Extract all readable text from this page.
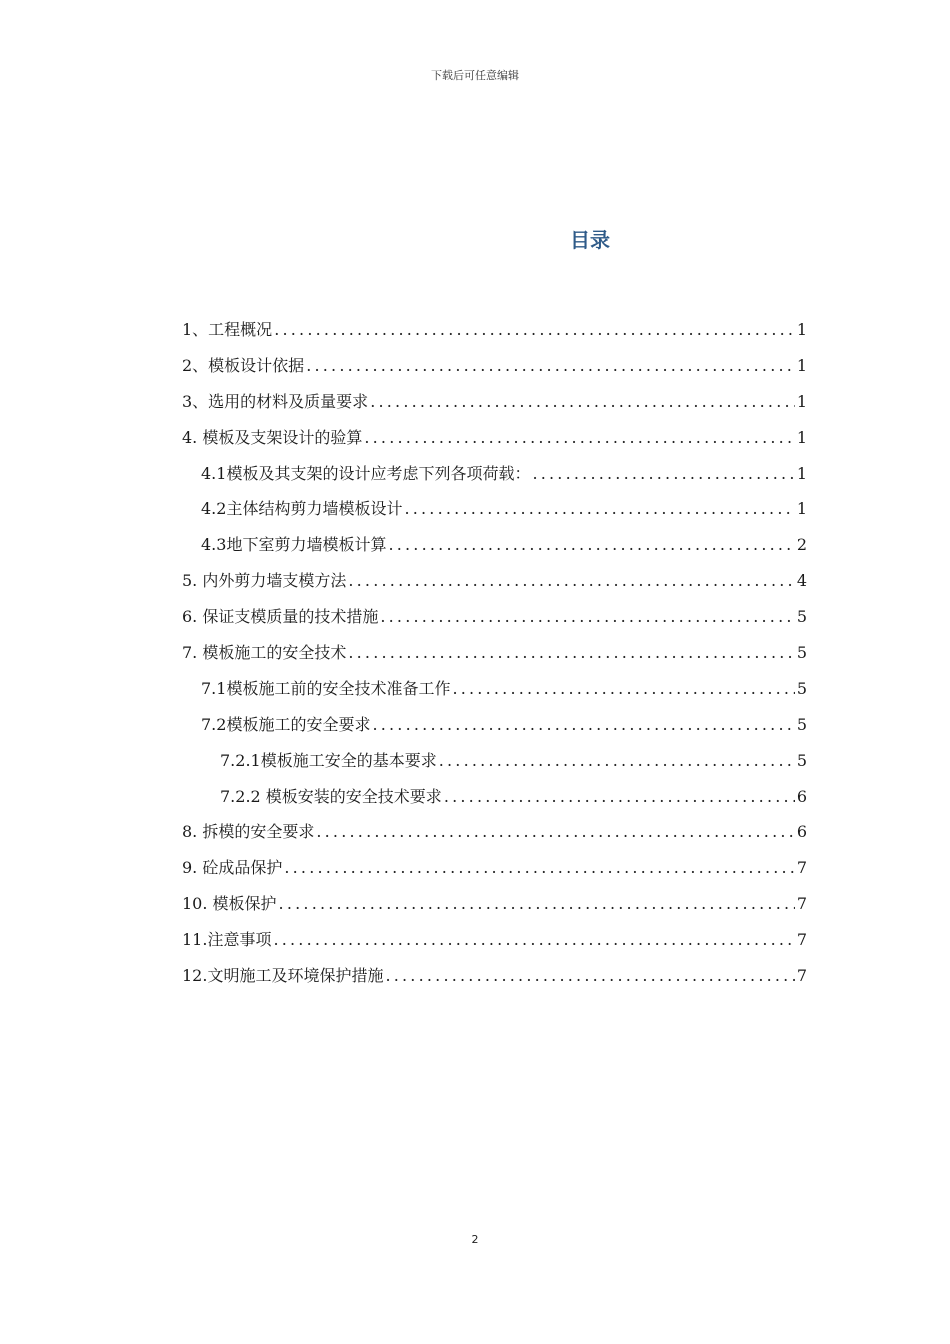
下载后可任意编辑
目录
1、工程概况 .....	1
2、模板设计依据 .....	1
3、选用的材料及质量要求 .....	1
4. 模板及支架设计的验算 .....	1
4.1模板及其支架的设计应考虑下列各项荷载： .....	1
4.2主体结构剪力墙模板设计 .....	1
4.3地下室剪力墙模板计算 .....	2
5. 内外剪力墙支模方法 .....	4
6. 保证支模质量的技术措施 .....	5
7. 模板施工的安全技术 .....	5
7.1模板施工前的安全技术准备工作 .....	5
7.2模板施工的安全要求 .....	5
7.2.1模板施工安全的基本要求 .....	5
7.2.2 模板安装的安全技术要求 .....	6
8. 拆模的安全要求 .....	6
9. 砼成品保护 .....	7
10. 模板保护 .....	7
11.注意事项 .....	7
12.文明施工及环境保护措施 .....	7
2
